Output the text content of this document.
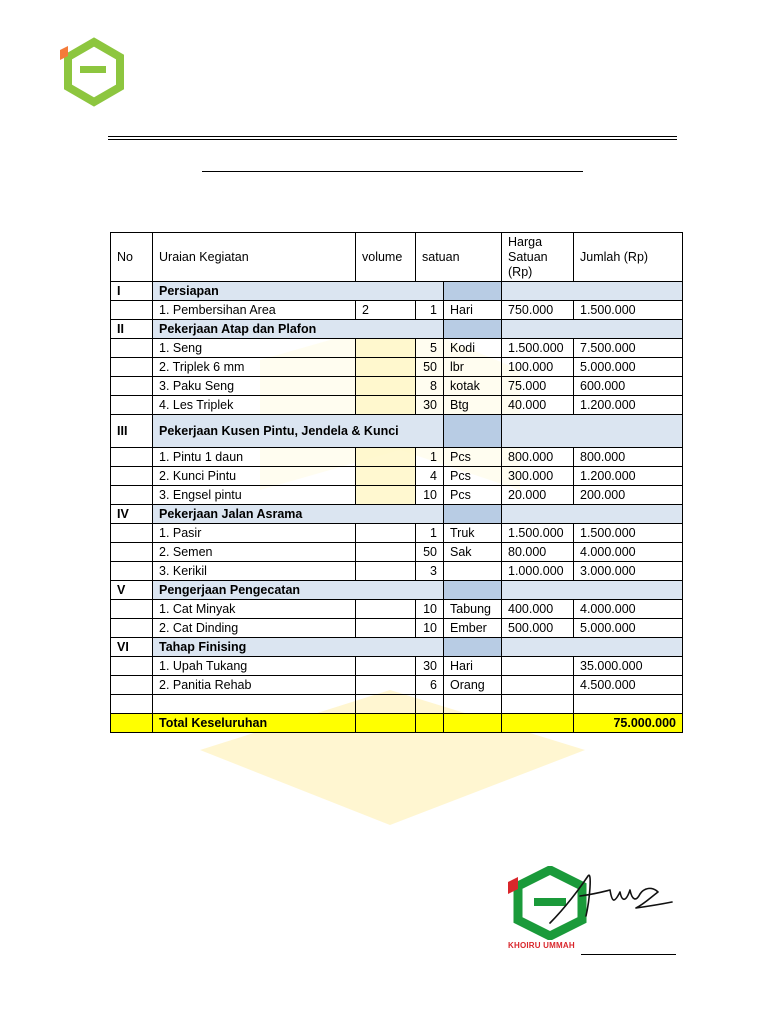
No	Uraian Kegiatan	volume	satuan		Harga Satuan (Rp)	Jumlah (Rp)
I	Persiapan					
	1. Pembersihan Area	2	1	Hari	750.000	1.500.000
II	Pekerjaan Atap dan Plafon					
	1. Seng		5	Kodi	1.500.000	7.500.000
	2. Triplek 6 mm		50	lbr	100.000	5.000.000
	3. Paku Seng		8	kotak	75.000	600.000
	4. Les Triplek		30	Btg	40.000	1.200.000
III	Pekerjaan Kusen Pintu, Jendela & Kunci					
	1. Pintu 1 daun		1	Pcs	800.000	800.000
	2. Kunci Pintu		4	Pcs	300.000	1.200.000
	3. Engsel pintu		10	Pcs	20.000	200.000
IV	Pekerjaan Jalan Asrama					
	1. Pasir		1	Truk	1.500.000	1.500.000
	2. Semen		50	Sak	80.000	4.000.000
	3. Kerikil		3		1.000.000	3.000.000
V	Pengerjaan Pengecatan					
	1. Cat Minyak		10	Tabung	400.000	4.000.000
	2. Cat Dinding		10	Ember	500.000	5.000.000
VI	Tahap Finising					
	1. Upah Tukang		30	Hari		35.000.000
	2. Panitia Rehab		6	Orang		4.500.000

	Total Keseluruhan					75.000.000
KHOIRU UMMAH
